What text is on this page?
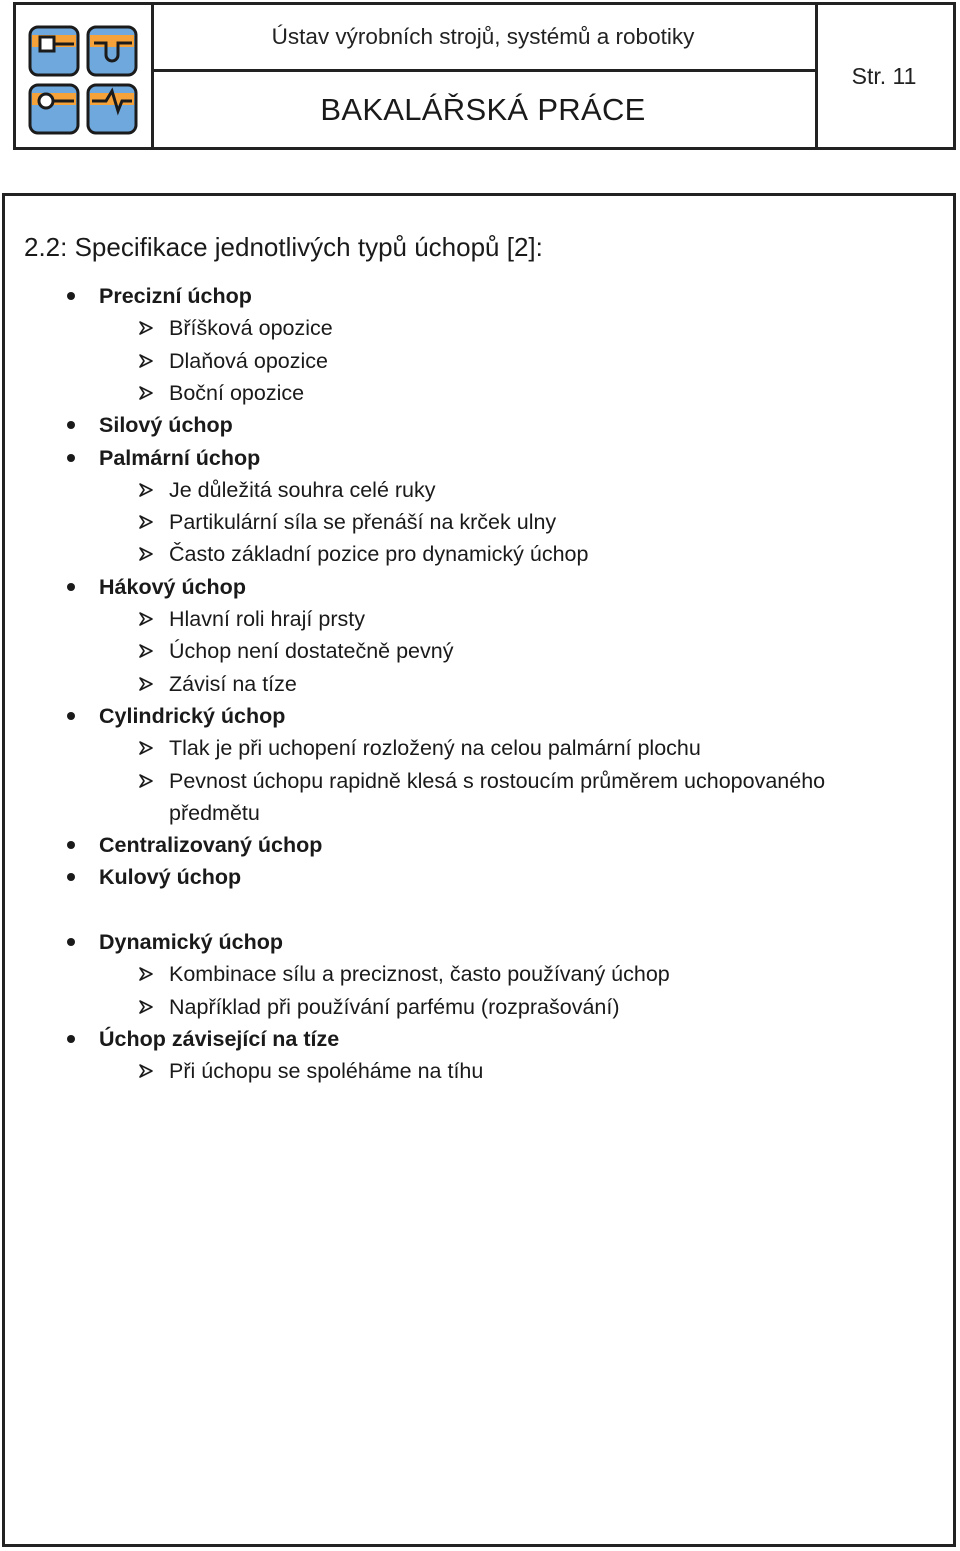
Ústav výrobních strojů, systémů a robotiky
BAKALÁŘSKÁ PRÁCE
Str. 11
2.2: Specifikace jednotlivých typů úchopů [2]:
Precizní úchop
Bříšková opozice
Dlaňová opozice
Boční opozice
Silový úchop
Palmární úchop
Je důležitá souhra celé ruky
Partikulární síla se přenáší na krček ulny
Často základní pozice pro dynamický úchop
Hákový úchop
Hlavní roli hrají prsty
Úchop není dostatečně pevný
Závisí na tíze
Cylindrický úchop
Tlak je při uchopení rozložený na celou palmární plochu
Pevnost úchopu rapidně klesá s rostoucím průměrem uchopovaného
předmětu
Centralizovaný úchop
Kulový úchop
Dynamický úchop
Kombinace sílu a preciznost, často používaný úchop
Například při používání parfému (rozprašování)
Úchop závisející na tíze
Při úchopu se spoléháme na tíhu
